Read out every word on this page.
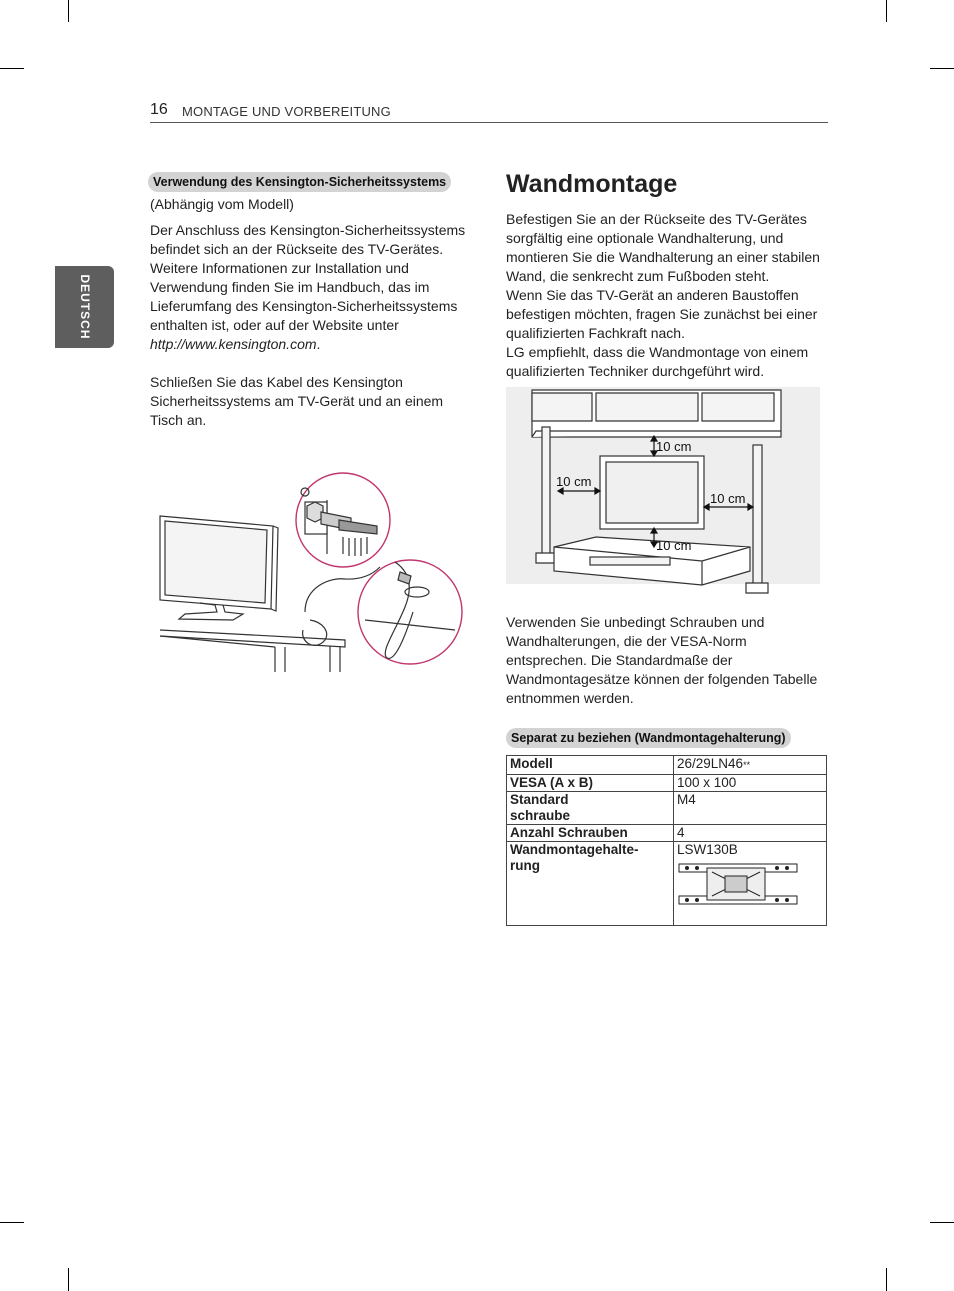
16 MONTAGE UND VORBEREITUNG
DEUTSCH
Verwendung des Kensington-Sicherheitssystems
(Abhängig vom Modell)
Der Anschluss des Kensington-Sicherheitssystems befindet sich an der Rückseite des TV-Gerätes. Weitere Informationen zur Installation und Verwendung finden Sie im Handbuch, das im Lieferumfang des Kensington-Sicherheitssystems enthalten ist, oder auf der Website unter http://www.kensington.com.
Schließen Sie das Kabel des Kensington Sicherheitssystems am TV-Gerät und an einem Tisch an.
Wandmontage

Befestigen Sie an der Rückseite des TV-Gerätes sorgfältig eine optionale Wandhalterung, und montieren Sie die Wandhalterung an einer stabilen Wand, die senkrecht zum Fußboden steht.

Wenn Sie das TV-Gerät an anderen Baustoffen befestigen möchten, fragen Sie zunächst bei einer qualifizierten Fachkraft nach.

LG empfiehlt, dass die Wandmontage von einem qualifizierten Techniker durchgeführt wird.

10 cm
10 cm
10 cm
10 cm
Verwenden Sie unbedingt Schrauben und Wandhalterungen, die der VESA-Norm entsprechen. Die Standardmaße der Wandmontagesätze können der folgenden Tabelle entnommen werden.
Separat zu beziehen (Wandmontagehalterung)
Modell	26/29LN46**
VESA (A x B)	100 x 100
Standard
schraube	M4
Anzahl Schrauben	4
Wandmontagehalte-
rung	LSW130B
